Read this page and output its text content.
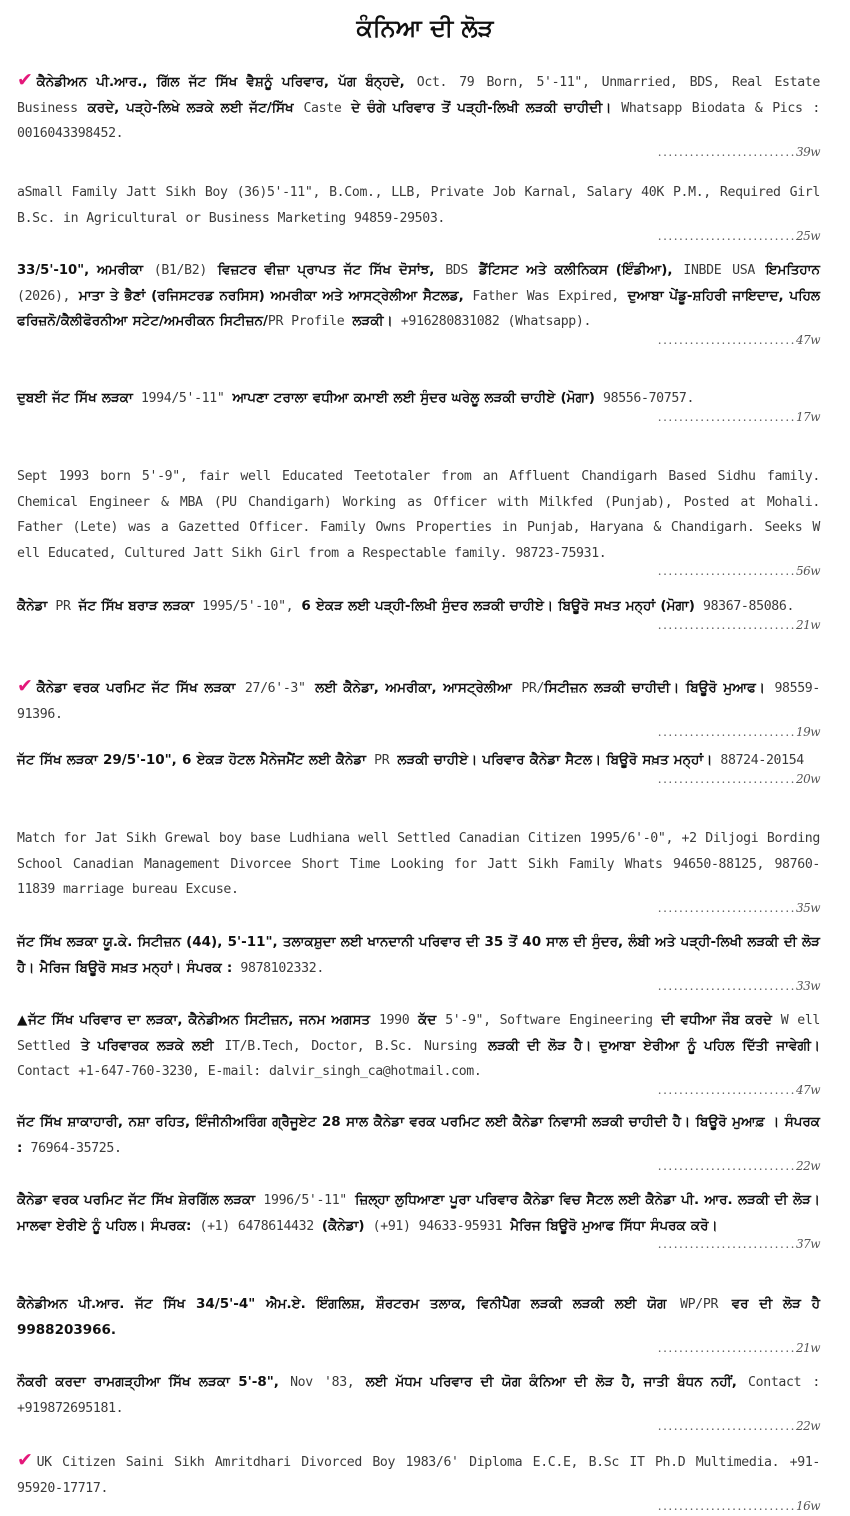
ਕੰਨਿਆ ਦੀ ਲੋੜ
✔ ਕੈਨੇਡੀਅਨ ਪੀ.ਆਰ., ਗਿੱਲ ਜੱਟ ਸਿੱਖ ਵੈਸ਼ਨੂੰ ਪਰਿਵਾਰ, ਪੱਗ ਬੰਨ੍ਹਦੇ, Oct. 79 Born, 5'-11", Unmarried, BDS, Real Estate Business ਕਰਦੇ, ਪੜ੍ਹੇ-ਲਿਖੇ ਲੜਕੇ ਲਈ ਜੱਟ/ਸਿੱਖ Caste ਦੇ ਚੰਗੇ ਪਰਿਵਾਰ ਤੋਂ ਪੜ੍ਹੀ-ਲਿਖੀ ਲੜਕੀ ਚਾਹੀਦੀ। Whatsapp Biodata & Pics : 0016043398452.
..........................39w
aSmall Family Jatt Sikh Boy (36)5'-11", B.Com., LLB, Private Job Karnal, Salary 40K P.M., Required Girl B.Sc. in Agricultural or Business Marketing 94859-29503.
..........................25w
33/5'-10", ਅਮਰੀਕਾ (B1/B2) ਵਿਜ਼ਟਰ ਵੀਜ਼ਾ ਪ੍ਰਾਪਤ ਜੱਟ ਸਿੱਖ ਦੋਸਾਂਝ, BDS ਡੈਂਟਿਸਟ ਅਤੇ ਕਲੀਨਿਕਸ (ਇੰਡੀਆ), INBDE USA ਇਮਤਿਹਾਨ (2026), ਮਾਤਾ ਤੇ ਭੈਣਾਂ (ਰਜਿਸਟਰਡ ਨਰਸਿਸ) ਅਮਰੀਕਾ ਅਤੇ ਆਸਟ੍ਰੇਲੀਆ ਸੈਟਲਡ, Father Was Expired, ਦੁਆਬਾ ਪੇਂਡੂ-ਸ਼ਹਿਰੀ ਜਾਇਦਾਦ, ਪਹਿਲ ਫਰਿਜ਼ਨੋ/ਕੈਲੀਫੋਰਨੀਆ ਸਟੇਟ/ਅਮਰੀਕਨ ਸਿਟੀਜ਼ਨ/PR Profile ਲੜਕੀ। +916280831082 (Whatsapp).
..........................47w
ਦੁਬਈ ਜੱਟ ਸਿੱਖ ਲੜਕਾ 1994/5'-11" ਆਪਣਾ ਟਰਾਲਾ ਵਧੀਆ ਕਮਾਈ ਲਈ ਸੁੰਦਰ ਘਰੇਲੂ ਲੜਕੀ ਚਾਹੀਏ (ਮੋਗਾ) 98556-70757.
..........................17w
Sept 1993 born 5'-9", fair well Educated Teetotaler from an Affluent Chandigarh Based Sidhu family. Chemical Engineer & MBA (PU Chandigarh) Working as Officer with Milkfed (Punjab), Posted at Mohali. Father (Lete) was a Gazetted Officer. Family Owns Properties in Punjab, Haryana & Chandigarh. Seeks W ell Educated, Cultured Jatt Sikh Girl from a Respectable family. 98723-75931.
..........................56w
ਕੈਨੇਡਾ PR ਜੱਟ ਸਿੱਖ ਬਰਾੜ ਲੜਕਾ 1995/5'-10", 6 ਏਕੜ ਲਈ ਪੜ੍ਹੀ-ਲਿਖੀ ਸੁੰਦਰ ਲੜਕੀ ਚਾਹੀਏ। ਬਿਊਰੋ ਸਖਤ ਮਨ੍ਹਾਂ (ਮੋਗਾ) 98367-85086.
..........................21w
✔ ਕੈਨੇਡਾ ਵਰਕ ਪਰਮਿਟ ਜੱਟ ਸਿੱਖ ਲੜਕਾ 27/6'-3" ਲਈ ਕੈਨੇਡਾ, ਅਮਰੀਕਾ, ਆਸਟ੍ਰੇਲੀਆ PR/ਸਿਟੀਜ਼ਨ ਲੜਕੀ ਚਾਹੀਦੀ। ਬਿਊਰੋ ਮੁਆਫ। 98559-91396.
..........................19w
ਜੱਟ ਸਿੱਖ ਲੜਕਾ 29/5'-10", 6 ਏਕੜ ਹੋਟਲ ਮੈਨੇਜਮੈਂਟ ਲਈ ਕੈਨੇਡਾ PR ਲੜਕੀ ਚਾਹੀਏ। ਪਰਿਵਾਰ ਕੈਨੇਡਾ ਸੈਟਲ। ਬਿਊਰੋ ਸਖ਼ਤ ਮਨ੍ਹਾਂ। 88724-20154
..........................20w
Match for Jat Sikh Grewal boy base Ludhiana well Settled Canadian Citizen 1995/6'-0", +2 Diljogi Bording School Canadian Management Divorcee Short Time Looking for Jatt Sikh Family Whats 94650-88125, 98760-11839 marriage bureau Excuse.
..........................35w
ਜੱਟ ਸਿੱਖ ਲੜਕਾ ਯੂ.ਕੇ. ਸਿਟੀਜ਼ਨ (44), 5'-11", ਤਲਾਕਸ਼ੁਦਾ ਲਈ ਖਾਨਦਾਨੀ ਪਰਿਵਾਰ ਦੀ 35 ਤੋਂ 40 ਸਾਲ ਦੀ ਸੁੰਦਰ, ਲੰਬੀ ਅਤੇ ਪੜ੍ਹੀ-ਲਿਖੀ ਲੜਕੀ ਦੀ ਲੋੜ ਹੈ। ਮੈਰਿਜ ਬਿਊਰੋ ਸਖ਼ਤ ਮਨ੍ਹਾਂ। ਸੰਪਰਕ : 9878102332.
..........................33w
▲ਜੱਟ ਸਿੱਖ ਪਰਿਵਾਰ ਦਾ ਲੜਕਾ, ਕੈਨੇਡੀਅਨ ਸਿਟੀਜ਼ਨ, ਜਨਮ ਅਗਸਤ 1990 ਕੱਦ 5'-9", Software Engineering ਦੀ ਵਧੀਆ ਜੌਬ ਕਰਦੇ W ell Settled ਤੇ ਪਰਿਵਾਰਕ ਲੜਕੇ ਲਈ IT/B.Tech, Doctor, B.Sc. Nursing ਲੜਕੀ ਦੀ ਲੋੜ ਹੈ। ਦੁਆਬਾ ਏਰੀਆ ਨੂੰ ਪਹਿਲ ਦਿੱਤੀ ਜਾਵੇਗੀ। Contact +1-647-760-3230, E-mail: dalvir_singh_ca@hotmail.com.
..........................47w
ਜੱਟ ਸਿੱਖ ਸ਼ਾਕਾਹਾਰੀ, ਨਸ਼ਾ ਰਹਿਤ, ਇੰਜੀਨੀਅਰਿੰਗ ਗ੍ਰੈਜੂਏਟ 28 ਸਾਲ ਕੈਨੇਡਾ ਵਰਕ ਪਰਮਿਟ ਲਈ ਕੈਨੇਡਾ ਨਿਵਾਸੀ ਲੜਕੀ ਚਾਹੀਦੀ ਹੈ। ਬਿਊਰੋ ਮੁਆਫ਼ । ਸੰਪਰਕ : 76964-35725.
..........................22w
ਕੈਨੇਡਾ ਵਰਕ ਪਰਮਿਟ ਜੱਟ ਸਿੱਖ ਸ਼ੇਰਗਿੱਲ ਲੜਕਾ 1996/5'-11" ਜ਼ਿਲ੍ਹਾ ਲੁਧਿਆਣਾ ਪੂਰਾ ਪਰਿਵਾਰ ਕੈਨੇਡਾ ਵਿਚ ਸੈਟਲ ਲਈ ਕੈਨੇਡਾ ਪੀ. ਆਰ. ਲੜਕੀ ਦੀ ਲੋੜ। ਮਾਲਵਾ ਏਰੀਏ ਨੂੰ ਪਹਿਲ। ਸੰਪਰਕ: (+1) 6478614432 (ਕੈਨੇਡਾ) (+91) 94633-95931 ਮੈਰਿਜ ਬਿਊਰੋ ਮੁਆਫ ਸਿੱਧਾ ਸੰਪਰਕ ਕਰੋ।
..........................37w
ਕੈਨੇਡੀਅਨ ਪੀ.ਆਰ. ਜੱਟ ਸਿੱਖ 34/5'-4" ਐਮ.ਏ. ਇੰਗਲਿਸ਼, ਸ਼ੌਰਟਰਮ ਤਲਾਕ, ਵਿਨੀਪੈਗ ਲੜਕੀ ਲੜਕੀ ਲਈ ਯੋਗ WP/PR ਵਰ ਦੀ ਲੋੜ ਹੈ 9988203966.
..........................21w
ਨੌਕਰੀ ਕਰਦਾ ਰਾਮਗੜ੍ਹੀਆ ਸਿੱਖ ਲੜਕਾ 5'-8", Nov '83, ਲਈ ਮੱਧਮ ਪਰਿਵਾਰ ਦੀ ਯੋਗ ਕੰਨਿਆ ਦੀ ਲੋੜ ਹੈ, ਜਾਤੀ ਬੰਧਨ ਨਹੀਂ, Contact : +919872695181.
..........................22w
✔ UK Citizen Saini Sikh Amritdhari Divorced Boy 1983/6' Diploma E.C.E, B.Sc IT Ph.D Multimedia. +91-95920-17717.
..........................16w
